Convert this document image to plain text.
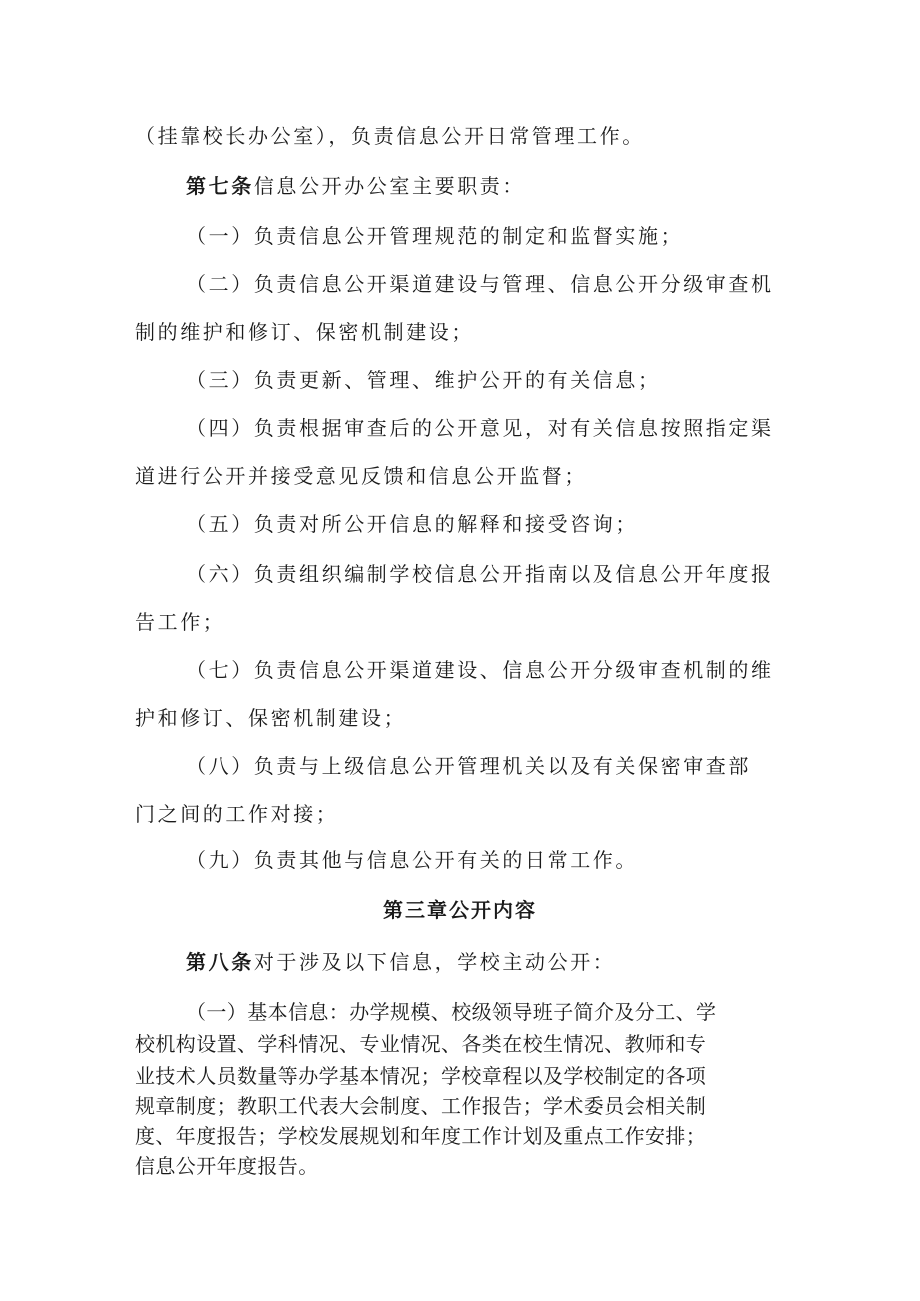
（挂靠校长办公室），负责信息公开日常管理工作。
第七条信息公开办公室主要职责：
（一）负责信息公开管理规范的制定和监督实施；
（二）负责信息公开渠道建设与管理、信息公开分级审查机
制的维护和修订、保密机制建设；
（三）负责更新、管理、维护公开的有关信息；
（四）负责根据审查后的公开意见，对有关信息按照指定渠
道进行公开并接受意见反馈和信息公开监督；
（五）负责对所公开信息的解释和接受咨询；
（六）负责组织编制学校信息公开指南以及信息公开年度报
告工作；
（七）负责信息公开渠道建设、信息公开分级审查机制的维
护和修订、保密机制建设；
（八）负责与上级信息公开管理机关以及有关保密审查部
门之间的工作对接；
（九）负责其他与信息公开有关的日常工作。
第三章公开内容
第八条对于涉及以下信息，学校主动公开：
（一）基本信息：办学规模、校级领导班子简介及分工、学
校机构设置、学科情况、专业情况、各类在校生情况、教师和专
业技术人员数量等办学基本情况；学校章程以及学校制定的各项
规章制度；教职工代表大会制度、工作报告；学术委员会相关制
度、年度报告；学校发展规划和年度工作计划及重点工作安排；
信息公开年度报告。
